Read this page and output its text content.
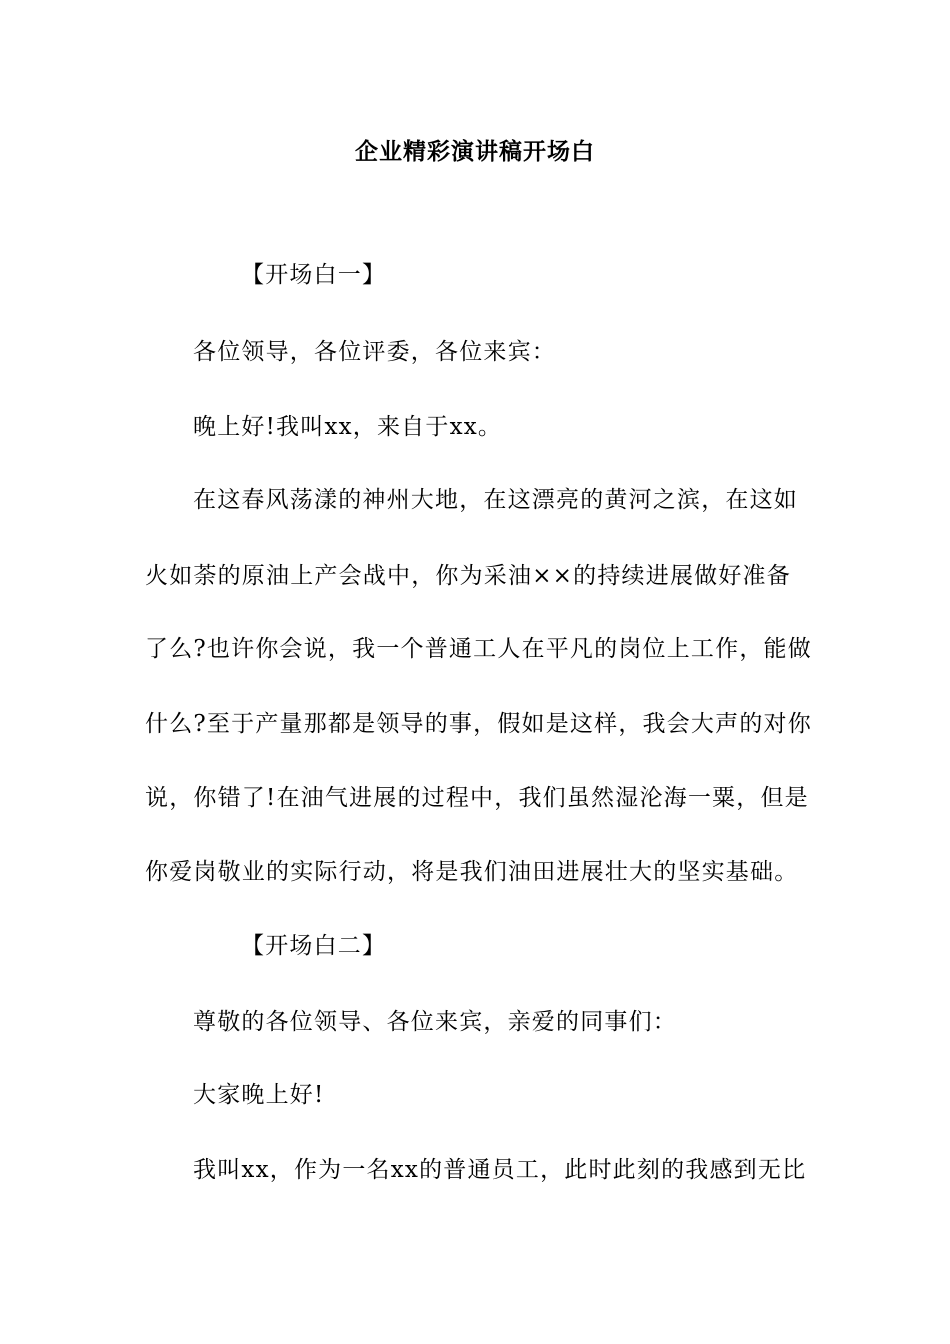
企业精彩演讲稿开场白
【开场白一】
各位领导，各位评委，各位来宾：
晚上好!我叫xx，来自于xx。
在这春风荡漾的神州大地，在这漂亮的黄河之滨，在这如
火如荼的原油上产会战中，你为采油××的持续进展做好准备
了么?也许你会说，我一个普通工人在平凡的岗位上工作，能做
什么?至于产量那都是领导的事，假如是这样，我会大声的对你
说，你错了!在油气进展的过程中，我们虽然湿沦海一粟，但是
你爱岗敬业的实际行动，将是我们油田进展壮大的坚实基础。
【开场白二】
尊敬的各位领导、各位来宾，亲爱的同事们：
大家晚上好!
我叫xx，作为一名xx的普通员工，此时此刻的我感到无比
